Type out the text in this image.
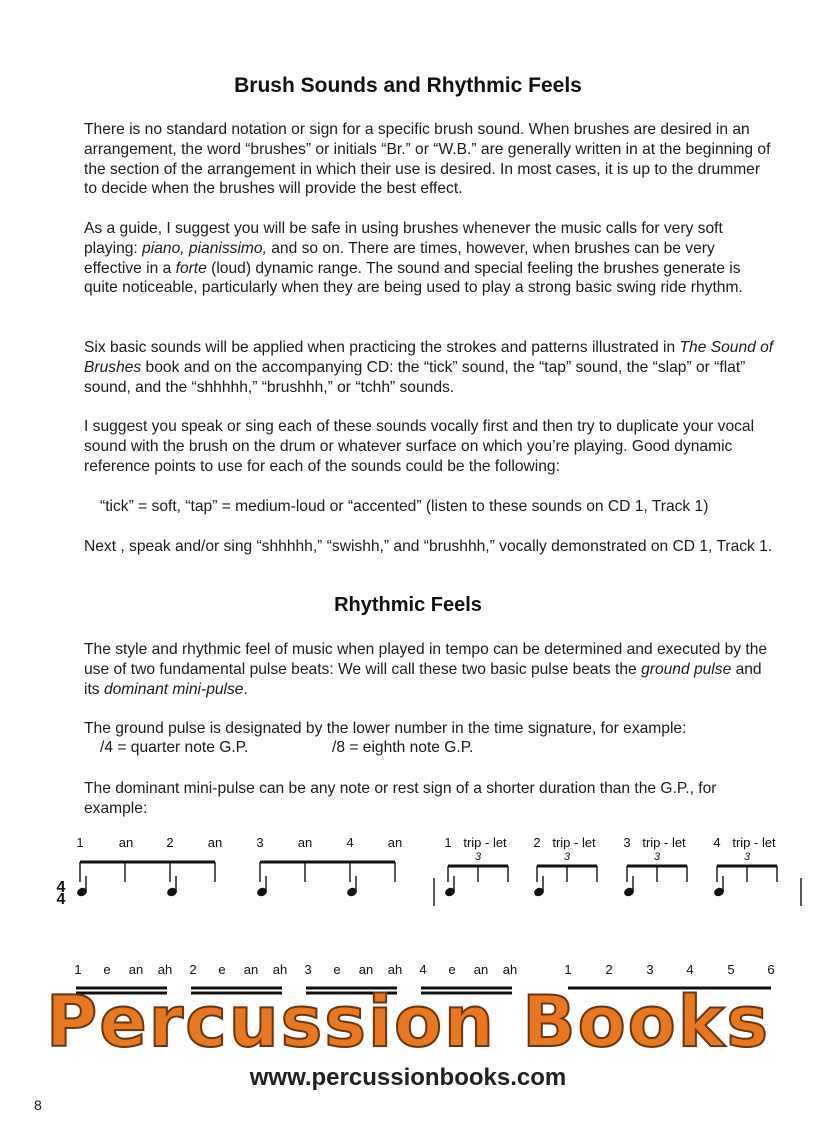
Brush Sounds and Rhythmic Feels

There is no standard notation or sign for a specific brush sound. When brushes are desired in an arrangement, the word “brushes” or initials “Br.” or “W.B.” are generally written in at the beginning of the section of the arrangement in which their use is desired. In most cases, it is up to the drummer to decide when the brushes will provide the best effect.

As a guide, I suggest you will be safe in using brushes whenever the music calls for very soft playing: piano, pianissimo, and so on. There are times, however, when brushes can be very effective in a forte (loud) dynamic range. The sound and special feeling the brushes generate is quite noticeable, particularly when they are being used to play a strong basic swing ride rhythm.

Six basic sounds will be applied when practicing the strokes and patterns illustrated in The Sound of Brushes book and on the accompanying CD: the “tick” sound, the “tap” sound, the “slap” or “flat” sound, and the “shhhhh,” “brushhh,” or “tchh” sounds.

I suggest you speak or sing each of these sounds vocally first and then try to duplicate your vocal sound with the brush on the drum or whatever surface on which you’re playing. Good dynamic reference points to use for each of the sounds could be the following:

“tick” = soft, “tap” = medium-loud or “accented” (listen to these sounds on CD 1, Track 1)

Next , speak and/or sing “shhhhh,” “swishh,” and “brushhh,” vocally demonstrated on CD 1, Track 1.

Rhythmic Feels

The style and rhythmic feel of music when played in tempo can be determined and executed by the use of two fundamental pulse beats: We will call these two basic pulse beats the ground pulse and its dominant mini-pulse.

The ground pulse is designated by the lower number in the time signature, for example:

/4 = quarter note G.P.	/8 = eighth note G.P.

The dominant mini-pulse can be any note or rest sign of a shorter duration than the G.P., for example:

4
4
1	an	2	an	3	an	4	an	1 trip - let
3
2 trip - let
3
3 trip - let
3
4 trip - let
3
1 e an ah 2 e an ah 3 e an ah 4 e an ah	1	2	3	4	5	6
Percussion Books
www.percussionbooks.com
8
